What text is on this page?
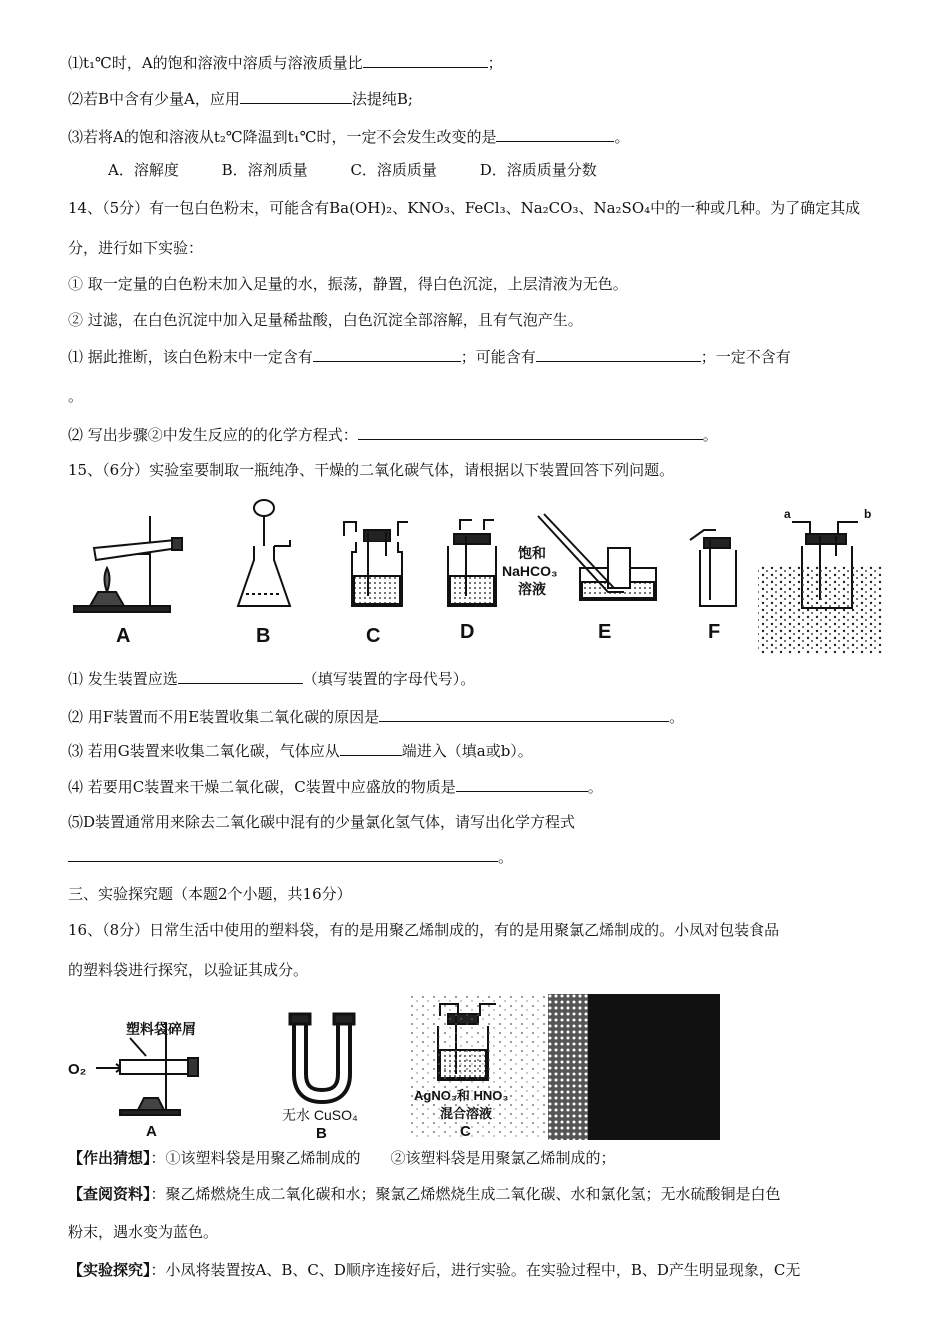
⑴t₁℃时，A的饱和溶液中溶质与溶液质量比	；
⑵若B中含有少量A，应用	法提纯B;
⑶若将A的饱和溶液从t₂℃降温到t₁℃时，一定不会发生改变的是	。
A．溶解度	B．溶剂质量	C．溶质质量	D．溶质质量分数
14、（5分）有一包白色粉末，可能含有Ba(OH)₂、KNO₃、FeCl₃、Na₂CO₃、Na₂SO₄中的一种或几种。为了确定其成
分，进行如下实验：
① 取一定量的白色粉末加入足量的水，振荡，静置，得白色沉淀，上层清液为无色。
② 过滤，在白色沉淀中加入足量稀盐酸，白色沉淀全部溶解，且有气泡产生。
⑴ 据此推断，该白色粉末中一定含有	；可能含有	；一定不含有
。
⑵ 写出步骤②中发生反应的的化学方程式：	。
15、（6分）实验室要制取一瓶纯净、干燥的二氧化碳气体，请根据以下装置回答下列问题。
A	B	C
饱和
NaHCO₃
溶液
D	E	F
a	b
⑴ 发生装置应选	（填写装置的字母代号）。
⑵ 用F装置而不用E装置收集二氧化碳的原因是	。
⑶ 若用G装置来收集二氧化碳，气体应从	端进入（填a或b）。
⑷ 若要用C装置来干燥二氧化碳，C装置中应盛放的物质是	。
⑸D装置通常用来除去二氧化碳中混有的少量氯化氢气体，请写出化学方程式
。
三、实验探究题（本题2个小题，共16分）
16、（8分）日常生活中使用的塑料袋，有的是用聚乙烯制成的，有的是用聚氯乙烯制成的。小凤对包装食品
的塑料袋进行探究，以验证其成分。
O₂
塑料袋碎屑
A
无水 CuSO₄
B
AgNO₃和 HNO₃
混合溶液
C
【作出猜想】：①该塑料袋是用聚乙烯制成的　　②该塑料袋是用聚氯乙烯制成的；
【查阅资料】：聚乙烯燃烧生成二氧化碳和水；聚氯乙烯燃烧生成二氧化碳、水和氯化氢；无水硫酸铜是白色
粉末，遇水变为蓝色。
【实验探究】：小凤将装置按A、B、C、D顺序连接好后，进行实验。在实验过程中，B、D产生明显现象，C无
